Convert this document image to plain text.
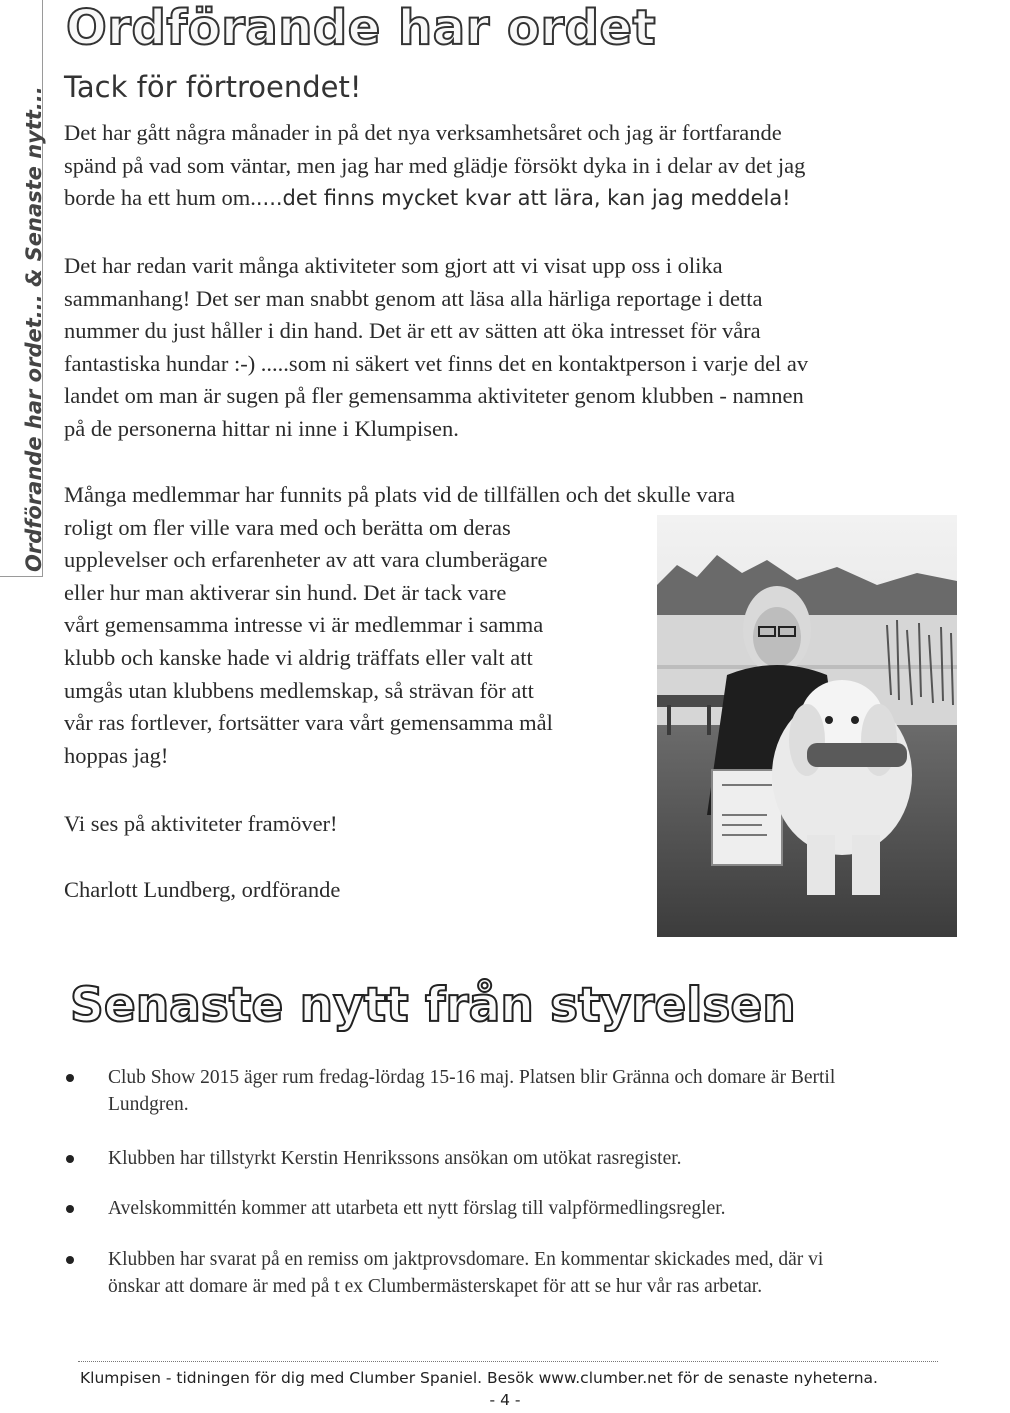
Ordförande har ordet... & Senaste nytt...
Ordförande har ordet
Tack för förtroendet!

Det har gått några månader in på det nya verksamhetsåret och jag är fortfarande
spänd på vad som väntar, men jag har med glädje försökt dyka in i delar av det jag
borde ha ett hum om.....det finns mycket kvar att lära, kan jag meddela!

Det har redan varit många aktiviteter som gjort att vi visat upp oss i olika
sammanhang! Det ser man snabbt genom att läsa alla härliga reportage i detta
nummer du just håller i din hand. Det är ett av sätten att öka intresset för våra
fantastiska hundar :-) .....som ni säkert vet finns det en kontaktperson i varje del av
landet om man är sugen på fler gemensamma aktiviteter genom klubben - namnen
på de personerna hittar ni inne i Klumpisen.

Många medlemmar har funnits på plats vid de tillfällen och det skulle vara
roligt om fler ville vara med och berätta om deras
upplevelser och erfarenheter av att vara clumberägare
eller hur man aktiverar sin hund. Det är tack vare
vårt gemensamma intresse vi är medlemmar i samma
klubb och kanske hade vi aldrig träffats eller valt att
umgås utan klubbens medlemskap, så strävan för att
vår ras fortlever, fortsätter vara vårt gemensamma mål
hoppas jag!

Vi ses på aktiviteter framöver!

Charlott Lundberg, ordförande

Senaste nytt från styrelsen
Club Show 2015 äger rum fredag-lördag 15-16 maj. Platsen blir Gränna och domare är Bertil
Lundgren.
Klubben har tillstyrkt Kerstin Henrikssons ansökan om utökat rasregister.
Avelskommittén kommer att utarbeta ett nytt förslag till valpförmedlingsregler.
Klubben har svarat på en remiss om jaktprovsdomare. En kommentar skickades med, där vi
önskar att domare är med på t ex Clumbermästerskapet för att se hur vår ras arbetar.
Klumpisen - tidningen för dig med Clumber Spaniel. Besök www.clumber.net för de senaste nyheterna.
- 4 -
